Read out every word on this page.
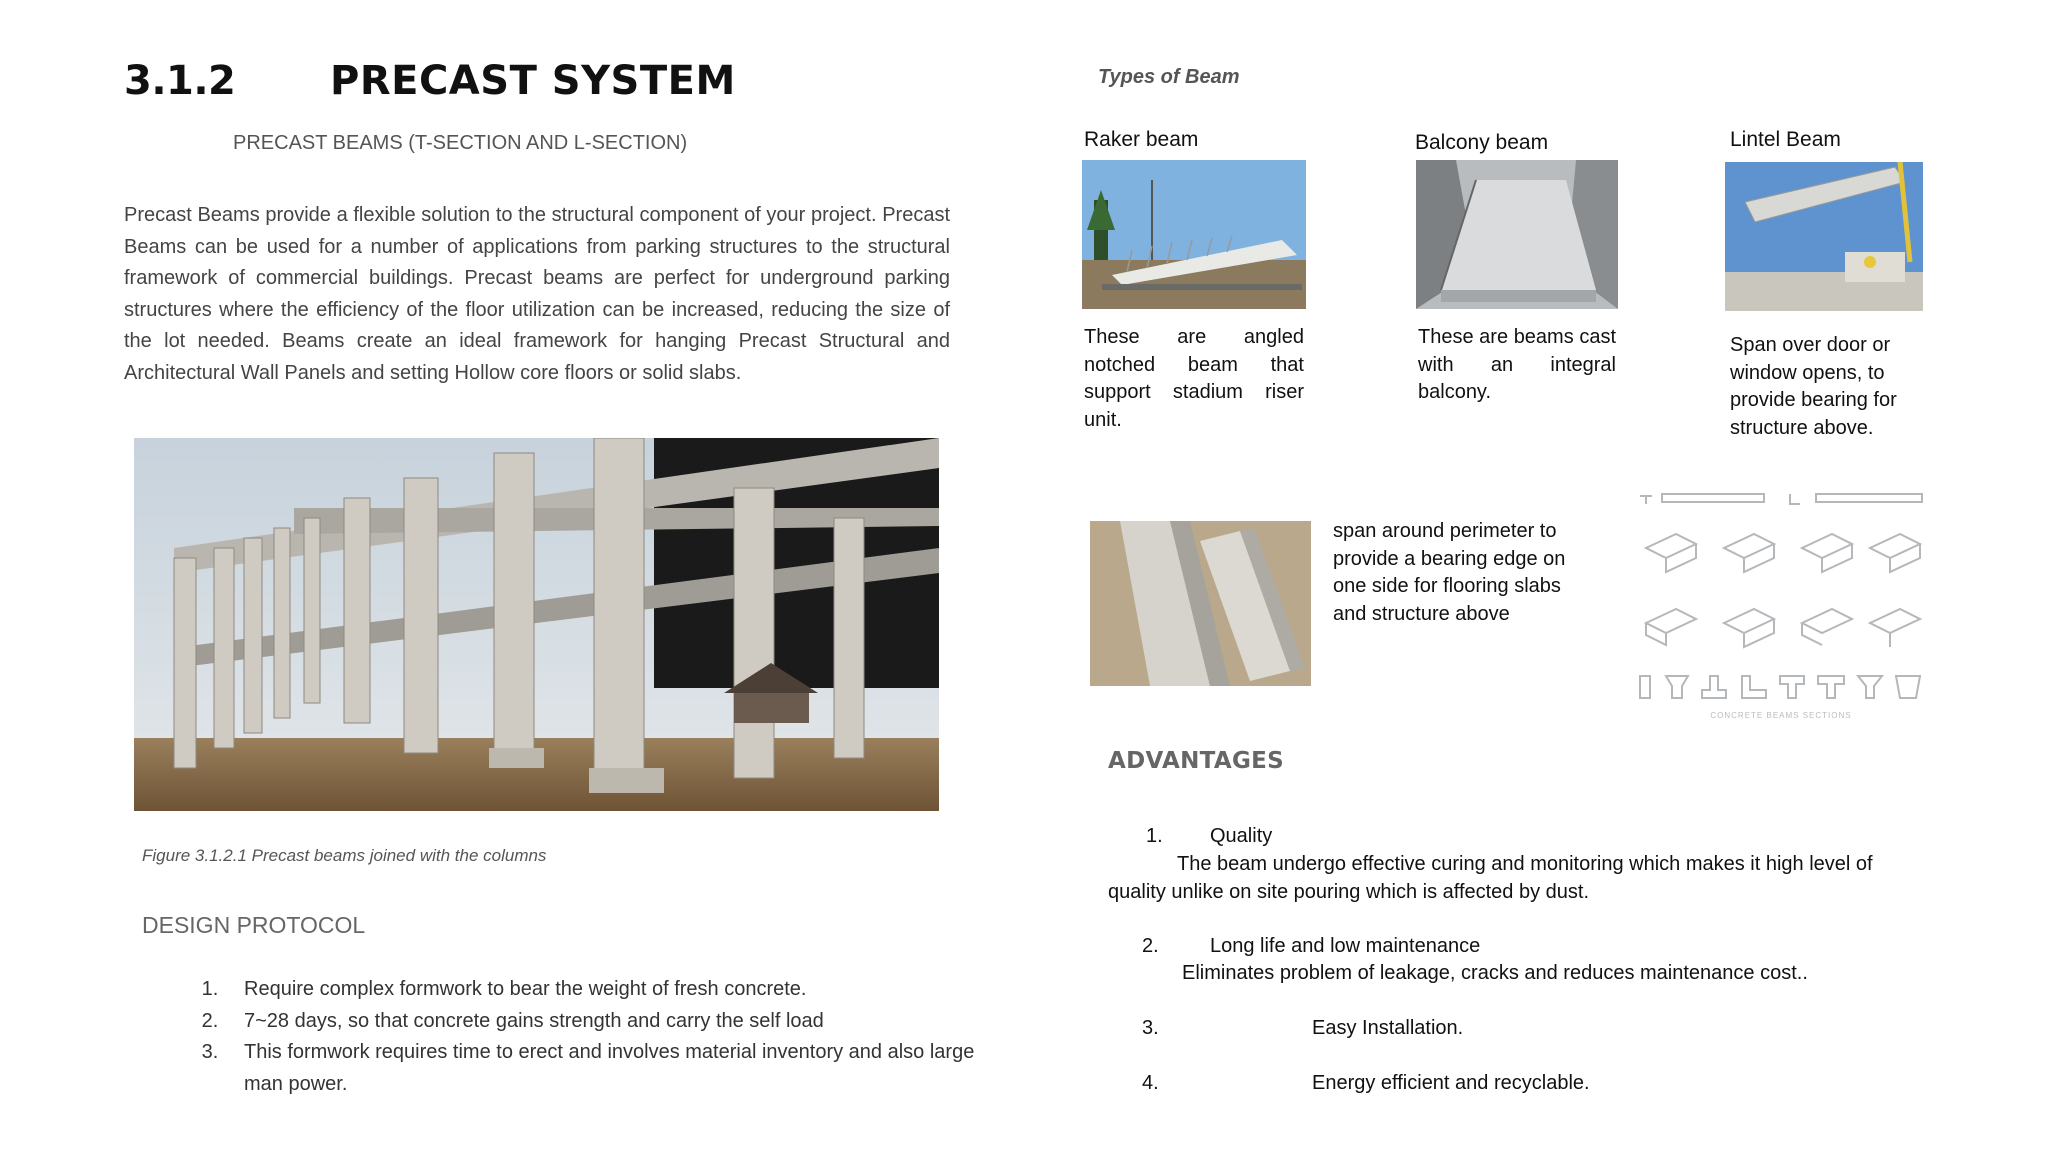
3.1.2 PRECAST SYSTEM
PRECAST BEAMS (T-SECTION AND L-SECTION)
Precast Beams provide a flexible solution to the structural component of your project. Precast Beams can be used for a number of applications from parking structures to the structural framework of commercial buildings. Precast beams are perfect for underground parking structures where the efficiency of the floor utilization can be increased, reducing the size of the lot needed. Beams create an ideal framework for hanging Precast Structural and Architectural Wall Panels and setting Hollow core floors or solid slabs.
Figure 3.1.2.1 Precast beams joined with the columns
DESIGN PROTOCOL
1.	Require complex formwork to bear the weight of fresh concrete.
2.	7~28 days, so that concrete gains strength and carry the self load
3.	This formwork requires time to erect and involves material inventory and also large man power.
Types of Beam
Raker beam
These are angled notched beam that support stadium riser unit.
Balcony beam
These are beams cast with an integral balcony.
Lintel Beam
Span over door or window opens, to provide bearing for structure above.
span around perimeter to provide a bearing edge on one side for flooring slabs and structure above
CONCRETE BEAMS SECTIONS
ADVANTAGES
1. Quality
The beam undergo effective curing and monitoring which makes it high level of quality unlike on site pouring which is affected by dust.
2.	Long life and low maintenance
Eliminates problem of leakage, cracks and reduces maintenance cost..
3.	Easy Installation.
4.	Energy efficient and recyclable.
